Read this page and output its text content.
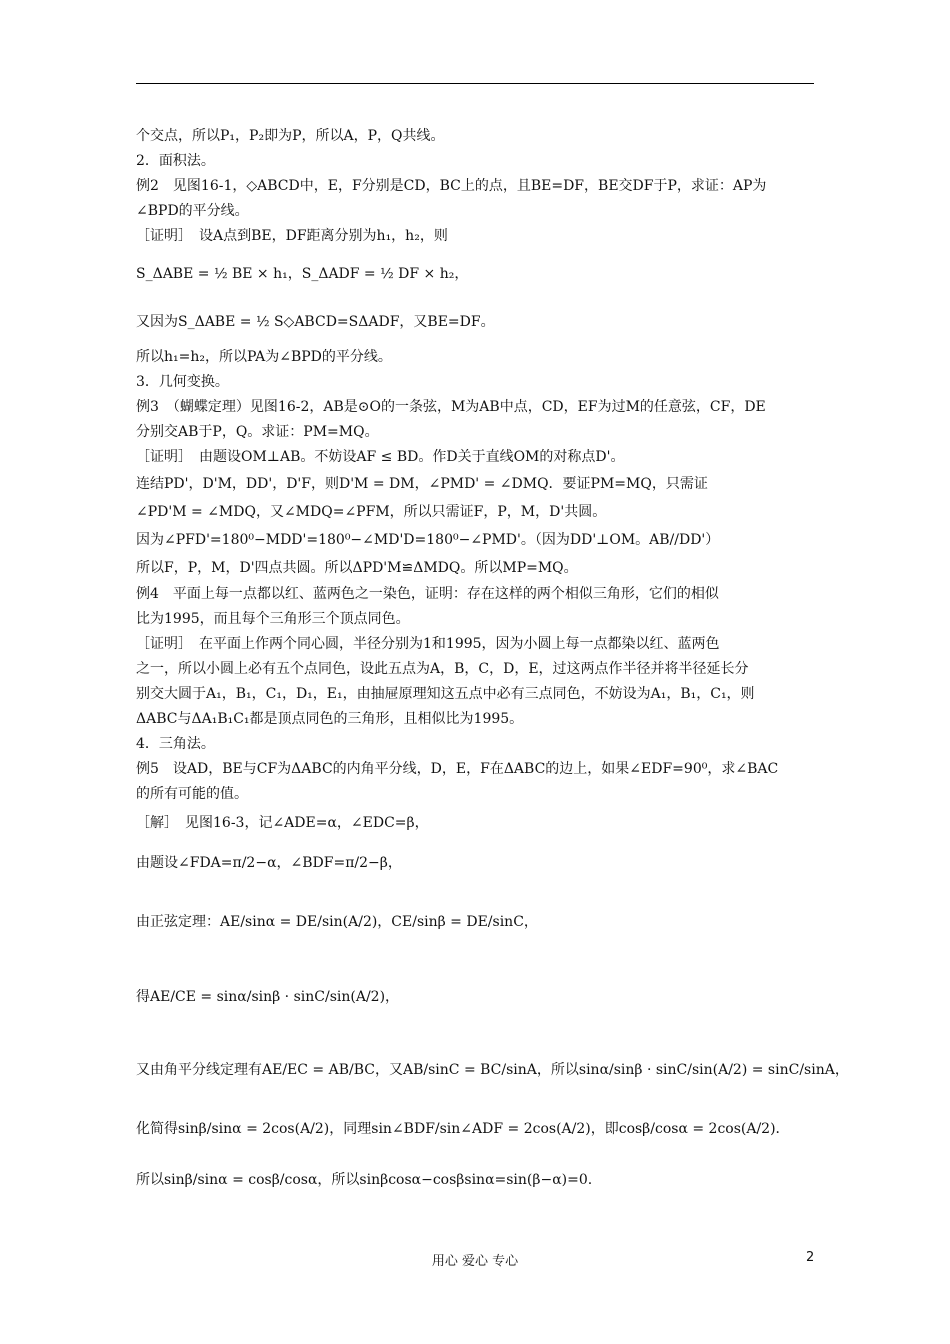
个交点，所以P₁，P₂即为P，所以A，P，Q共线。
2．面积法。
例2　见图16-1，◇ABCD中，E，F分别是CD，BC上的点，且BE=DF，BE交DF于P，求证：AP为
∠BPD的平分线。
［证明］　设A点到BE，DF距离分别为h₁，h₂，则
S_ΔABE = ½ BE × h₁，S_ΔADF = ½ DF × h₂，
又因为S_ΔABE = ½ S◇ABCD=SΔADF，又BE=DF。
所以h₁=h₂，所以PA为∠BPD的平分线。
3．几何变换。
例3　（蝴蝶定理）见图16-2，AB是⊙O的一条弦，M为AB中点，CD，EF为过M的任意弦，CF，DE
分别交AB于P，Q。求证：PM=MQ。
［证明］　由题设OM⊥AB。不妨设AF ≤ BD。作D关于直线OM的对称点D'。
连结PD'，D'M，DD'，D'F，则D'M = DM，∠PMD' = ∠DMQ．要证PM=MQ，只需证
∠PD'M = ∠MDQ，又∠MDQ=∠PFM，所以只需证F，P，M，D'共圆。
因为∠PFD'=180⁰−MDD'=180⁰−∠MD'D=180⁰−∠PMD'。（因为DD'⊥OM。AB//DD'）
所以F，P，M，D'四点共圆。所以ΔPD'M≌ΔMDQ。所以MP=MQ。
例4　平面上每一点都以红、蓝两色之一染色，证明：存在这样的两个相似三角形，它们的相似
比为1995，而且每个三角形三个顶点同色。
［证明］　在平面上作两个同心圆，半径分别为1和1995，因为小圆上每一点都染以红、蓝两色
之一，所以小圆上必有五个点同色，设此五点为A，B，C，D，E，过这两点作半径并将半径延长分
别交大圆于A₁，B₁，C₁，D₁，E₁，由抽屉原理知这五点中必有三点同色，不妨设为A₁，B₁，C₁，则
ΔABC与ΔA₁B₁C₁都是顶点同色的三角形，且相似比为1995。
4．三角法。
例5　设AD，BE与CF为ΔABC的内角平分线，D，E，F在ΔABC的边上，如果∠EDF=90⁰，求∠BAC
的所有可能的值。
［解］　见图16-3，记∠ADE=α，∠EDC=β，
由题设∠FDA=π/2−α，∠BDF=π/2−β，
由正弦定理：AE/sinα = DE/sin(A/2)，CE/sinβ = DE/sinC，
得AE/CE = sinα/sinβ · sinC/sin(A/2)，
又由角平分线定理有AE/EC = AB/BC，又AB/sinC = BC/sinA，所以sinα/sinβ · sinC/sin(A/2) = sinC/sinA，
化简得sinβ/sinα = 2cos(A/2)，同理sin∠BDF/sin∠ADF = 2cos(A/2)，即cosβ/cosα = 2cos(A/2)．
所以sinβ/sinα = cosβ/cosα，所以sinβcosα−cosβsinα=sin(β−α)=0.
用心 爱心 专心	2
